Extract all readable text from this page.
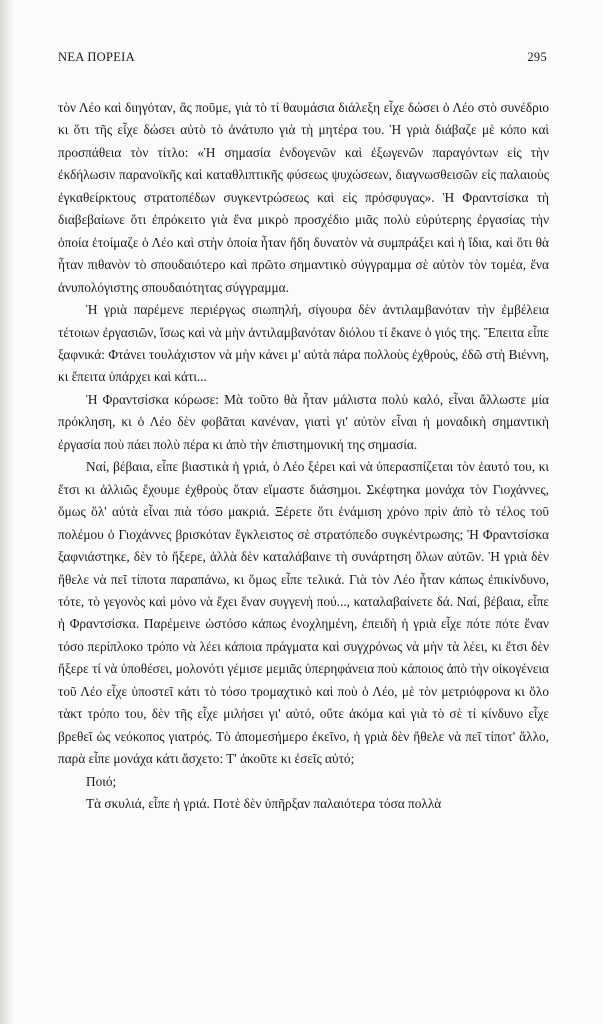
ΝΕΑ ΠΟΡΕΙΑ	295

τὸν Λέο καὶ διηγόταν, ἂς ποῦμε, γιὰ τὸ τί θαυμάσια διάλεξη εἶχε δώσει ὁ Λέο στὸ συνέδριο κι ὅτι τῆς εἶχε δώσει αὐτὸ τὸ ἀνάτυπο γιὰ τὴ μητέρα του. Ἡ γριὰ διάβαζε μὲ κόπο καὶ προσπάθεια τὸν τίτλο: «Ἡ σημασία ἐνδογενῶν καὶ ἐξωγενῶν παραγόντων εἰς τὴν ἐκδήλωσιν παρανοϊκῆς καὶ καταθλιπτικῆς φύσεως ψυχώσεων, διαγνωσθεισῶν εἰς παλαιοὺς ἐγκαθείρκτους στρατοπέδων συγκεντρώσεως καὶ εἰς πρόσφυγας». Ἡ Φραντσίσκα τὴ διαβεβαίωνε ὅτι ἐπρόκειτο γιὰ ἕνα μικρὸ προσχέδιο μιᾶς πολὺ εὐρύτερης ἐργασίας τὴν ὁποία ἑτοίμαζε ὁ Λέο καὶ στὴν ὁποία ἦταν ἤδη δυνατὸν νὰ συμπράξει καὶ ἡ ἴδια, καὶ ὅτι θὰ ἦταν πιθανὸν τὸ σπουδαιότερο καὶ πρῶτο σημαντικὸ σύγγραμμα σὲ αὐτὸν τὸν τομέα, ἕνα ἀνυπολόγιστης σπουδαιότητας σύγγραμμα.

Ἡ γριὰ παρέμενε περιέργως σιωπηλή, σίγουρα δὲν ἀντιλαμβανόταν τὴν ἐμβέλεια τέτοιων ἐργασιῶν, ἴσως καὶ νὰ μὴν ἀντιλαμβανόταν διόλου τί ἔκανε ὁ γιός της. Ἔπειτα εἶπε ξαφνικά: Φτάνει τουλάχιστον νὰ μὴν κάνει μ' αὐτὰ πάρα πολλοὺς ἐχθρούς, ἐδῶ στὴ Βιέννη, κι ἔπειτα ὑπάρχει καὶ κάτι...

Ἡ Φραντσίσκα κόρωσε: Μὰ τοῦτο θὰ ἦταν μάλιστα πολὺ καλό, εἶναι ἄλλωστε μία πρόκληση, κι ὁ Λέο δὲν φοβᾶται κανέναν, γιατὶ γι' αὐτὸν εἶναι ἡ μοναδικὴ σημαντικὴ ἐργασία ποὺ πάει πολὺ πέρα κι ἀπὸ τὴν ἐπιστημονική της σημασία.

Ναί, βέβαια, εἶπε βιαστικὰ ἡ γριά, ὁ Λέο ξέρει καὶ νὰ ὑπερασπίζεται τὸν ἑαυτό του, κι ἔτσι κι ἀλλιῶς ἔχουμε ἐχθροὺς ὅταν εἴμαστε διάσημοι. Σκέφτηκα μονάχα τὸν Γιοχάννες, ὅμως ὅλ' αὐτὰ εἶναι πιὰ τόσο μακριά. Ξέρετε ὅτι ἑνάμιση χρόνο πρὶν ἀπὸ τὸ τέλος τοῦ πολέμου ὁ Γιοχάννες βρισκόταν ἔγκλειστος σὲ στρατόπεδο συγκέντρωσης; Ἡ Φραντσίσκα ξαφνιάστηκε, δὲν τὸ ἤξερε, ἀλλὰ δὲν καταλάβαινε τὴ συνάρτηση ὅλων αὐτῶν. Ἡ γριὰ δὲν ἤθελε νὰ πεῖ τίποτα παραπάνω, κι ὅμως εἶπε τελικά. Γιὰ τὸν Λέο ἦταν κάπως ἐπικίνδυνο, τότε, τὸ γεγονὸς καὶ μόνο νὰ ἔχει ἕναν συγγενὴ πού..., καταλαβαίνετε δά. Ναί, βέβαια, εἶπε ἡ Φραντσίσκα. Παρέμεινε ὡστόσο κάπως ἐνοχλημένη, ἐπειδὴ ἡ γριὰ εἶχε πότε πότε ἕναν τόσο περίπλοκο τρόπο νὰ λέει κάποια πράγματα καὶ συγχρόνως νὰ μὴν τὰ λέει, κι ἔτσι δὲν ἤξερε τί νὰ ὑποθέσει, μολονότι γέμισε μεμιᾶς ὑπερηφάνεια ποὺ κάποιος ἀπὸ τὴν οἰκογένεια τοῦ Λέο εἶχε ὑποστεῖ κάτι τὸ τόσο τρομαχτικὸ καὶ ποὺ ὁ Λέο, μὲ τὸν μετριόφρονα κι ὅλο τὰκτ τρόπο του, δὲν τῆς εἶχε μιλήσει γι' αὐτό, οὔτε ἀκόμα καὶ γιὰ τὸ σὲ τί κίνδυνο εἶχε βρεθεῖ ὡς νεόκοπος γιατρός. Τὸ ἀπομεσήμερο ἐκεῖνο, ἡ γριὰ δὲν ἤθελε νὰ πεῖ τίποτ' ἄλλο, παρὰ εἶπε μονάχα κάτι ἄσχετο: Τ' ἀκοῦτε κι ἐσεῖς αὐτό;

Ποιό;

Τὰ σκυλιά, εἶπε ἡ γριά. Ποτὲ δὲν ὑπῆρξαν παλαιότερα τόσα πολλὰ
